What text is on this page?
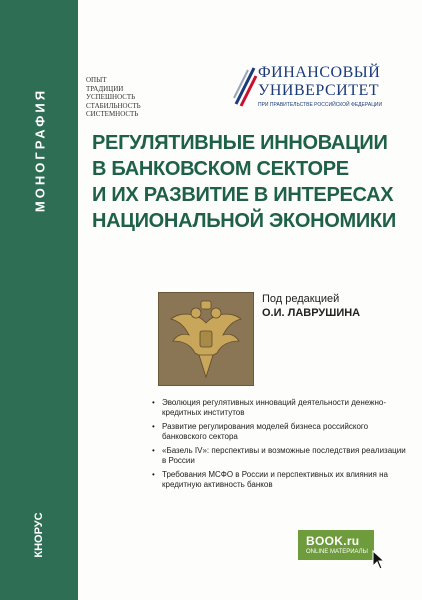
МОНОГРАФИЯ
КНОРУС
ОПЫТ
ТРАДИЦИИ
УСПЕШНОСТЬ
СТАБИЛЬНОСТЬ
СИСТЕМНОСТЬ
ФИНАНСОВЫЙ
УНИВЕРСИТЕТ
ПРИ ПРАВИТЕЛЬСТВЕ РОССИЙСКОЙ ФЕДЕРАЦИИ
РЕГУЛЯТИВНЫЕ ИННОВАЦИИ
В БАНКОВСКОМ СЕКТОРЕ
И ИХ РАЗВИТИЕ В ИНТЕРЕСАХ
НАЦИОНАЛЬНОЙ ЭКОНОМИКИ
Под редакцией
О.И. ЛАВРУШИНА
• Эволюция регулятивных инноваций деятельности денежно-кредитных институтов
• Развитие регулирования моделей бизнеса российского банковского сектора
• «Базель IV»: перспективы и возможные последствия реализации в России
• Требования МСФО в России и перспективных их влияния на кредитную активность банков
BOOK.ru
ONLINE МАТЕРИАЛЫ
